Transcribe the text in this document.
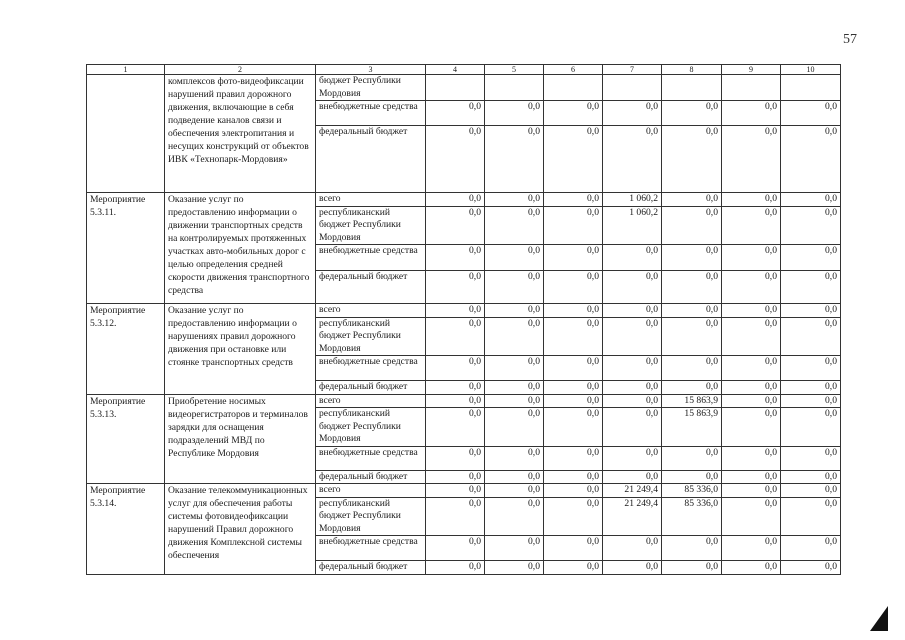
57
1	2	3	4	5	6	7	8	9	10
	комплексов фото-видеофиксации нарушений правил дорожного движения, включающие в себя подведение каналов связи и обеспечения электропитания и несущих конструкций от объектов ИВК «Технопарк-Мордовия»	бюджет Республики Мордовия							
		внебюджетные средства	0,0	0,0	0,0	0,0	0,0	0,0	0,0
		федеральный бюджет	0,0	0,0	0,0	0,0	0,0	0,0	0,0
Мероприятие 5.3.11.	Оказание услуг по предоставлению информации о движении транспортных средств на контролируемых протяженных участках авто-мобильных дорог с целью определения средней скорости движения транспортного средства	всего	0,0	0,0	0,0	1 060,2	0,0	0,0	0,0
		республиканский бюджет Республики Мордовия	0,0	0,0	0,0	1 060,2	0,0	0,0	0,0
		внебюджетные средства	0,0	0,0	0,0	0,0	0,0	0,0	0,0
		федеральный бюджет	0,0	0,0	0,0	0,0	0,0	0,0	0,0
Мероприятие 5.3.12.	Оказание услуг по предоставлению информации о нарушениях правил дорожного движения при остановке или стоянке транспортных средств	всего	0,0	0,0	0,0	0,0	0,0	0,0	0,0
		республиканский бюджет Республики Мордовия	0,0	0,0	0,0	0,0	0,0	0,0	0,0
		внебюджетные средства	0,0	0,0	0,0	0,0	0,0	0,0	0,0
		федеральный бюджет	0,0	0,0	0,0	0,0	0,0	0,0	0,0
Мероприятие 5.3.13.	Приобретение носимых видеорегистраторов и терминалов зарядки для оснащения подразделений МВД по Республике Мордовия	всего	0,0	0,0	0,0	0,0	15 863,9	0,0	0,0
		республиканский бюджет Республики Мордовия	0,0	0,0	0,0	0,0	15 863,9	0,0	0,0
		внебюджетные средства	0,0	0,0	0,0	0,0	0,0	0,0	0,0
		федеральный бюджет	0,0	0,0	0,0	0,0	0,0	0,0	0,0
Мероприятие 5.3.14.	Оказание телекоммуникационных услуг для обеспечения работы системы фотовидеофиксации нарушений Правил дорожного движения Комплексной системы обеспечения	всего	0,0	0,0	0,0	21 249,4	85 336,0	0,0	0,0
		республиканский бюджет Республики Мордовия	0,0	0,0	0,0	21 249,4	85 336,0	0,0	0,0
		внебюджетные средства	0,0	0,0	0,0	0,0	0,0	0,0	0,0
		федеральный бюджет	0,0	0,0	0,0	0,0	0,0	0,0	0,0
